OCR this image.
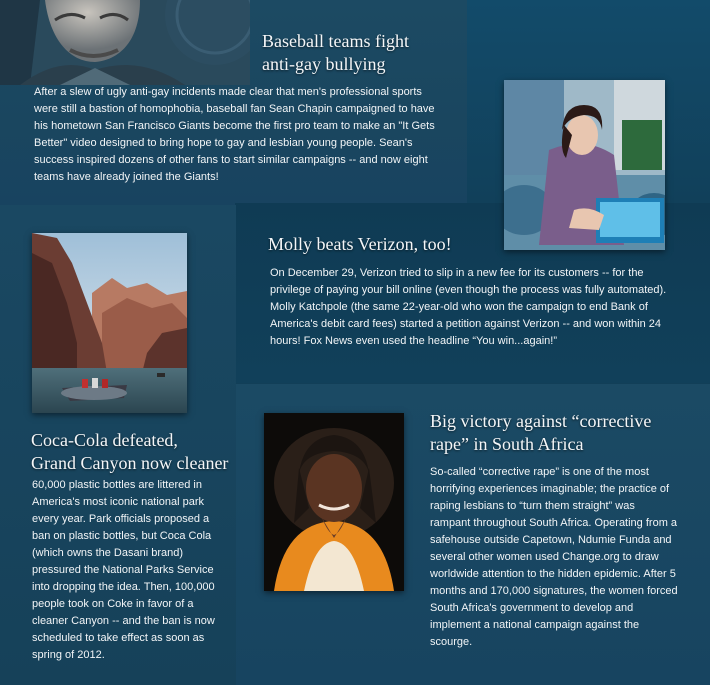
Baseball teams fight
anti-gay bullying

After a slew of ugly anti-gay incidents made clear that men's professional sports were still a bastion of homophobia, baseball fan Sean Chapin campaigned to have his hometown San Francisco Giants become the first pro team to make an "It Gets Better" video designed to bring hope to gay and lesbian young people. Sean's success inspired dozens of other fans to start similar campaigns -- and now eight teams have already joined the Giants!

Molly beats Verizon, too!

On December 29, Verizon tried to slip in a new fee for its customers -- for the privilege of paying your bill online (even though the process was fully automated). Molly Katchpole (the same 22-year-old who won the campaign to end Bank of America's debit card fees) started a petition against Verizon -- and won within 24 hours! Fox News even used the headline “You win...again!”

Coca-Cola defeated,
Grand Canyon now cleaner

60,000 plastic bottles are littered in America's most iconic national park every year. Park officials proposed a ban on plastic bottles, but Coca Cola (which owns the Dasani brand) pressured the National Parks Service into dropping the idea. Then, 100,000 people took on Coke in favor of a cleaner Canyon -- and the ban is now scheduled to take effect as soon as spring of 2012.

Big victory against “corrective
rape” in South Africa

So-called “corrective rape” is one of the most horrifying experiences imaginable; the practice of raping lesbians to “turn them straight” was rampant throughout South Africa. Operating from a safehouse outside Capetown, Ndumie Funda and several other women used Change.org to draw worldwide attention to the hidden epidemic. After 5 months and 170,000 signatures, the women forced South Africa's government to develop and implement a national campaign against the scourge.
